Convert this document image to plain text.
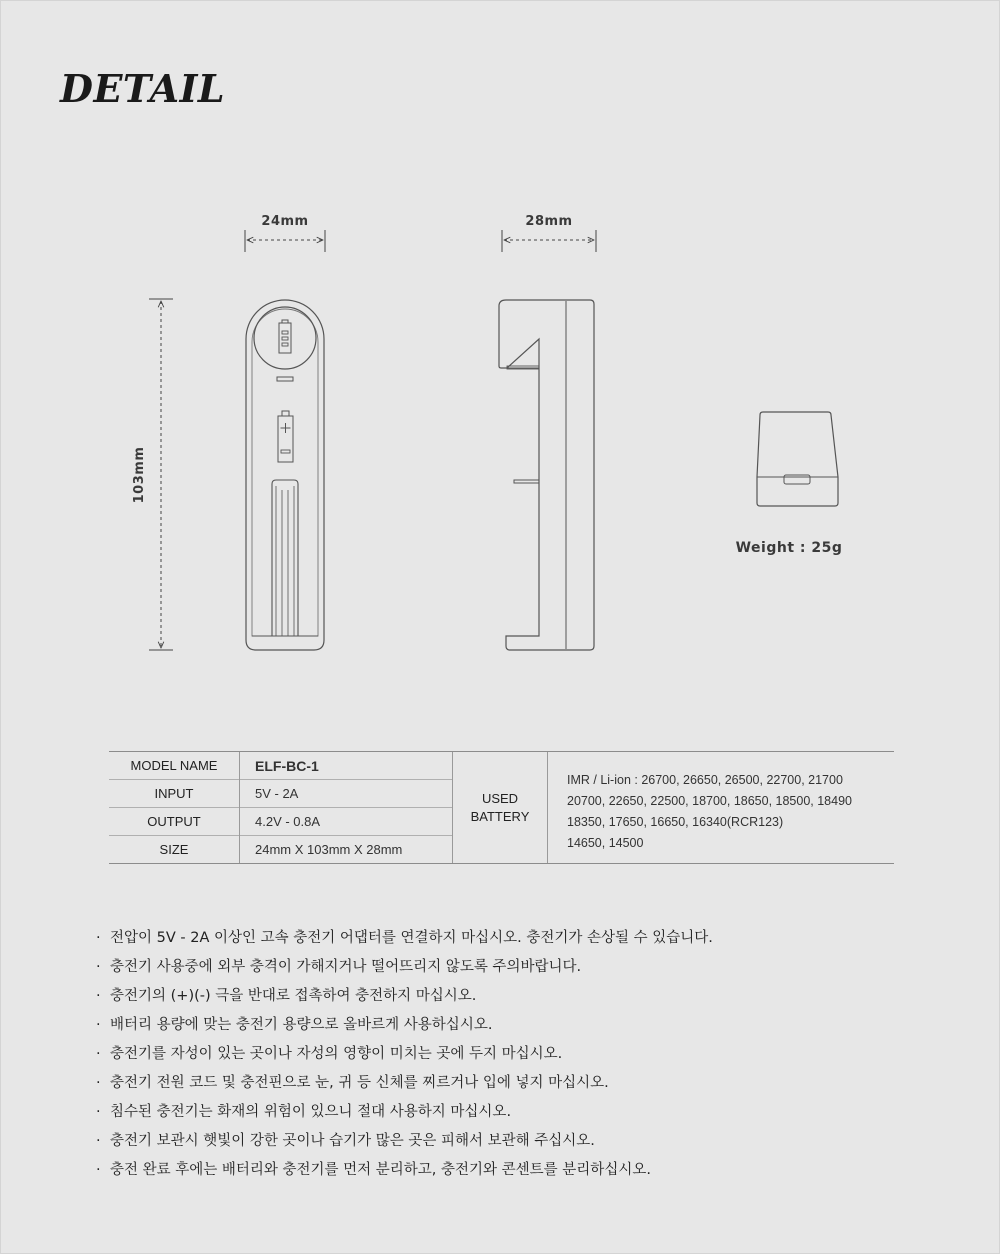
DETAIL
24mm	28mm
103mm
Weight : 25g
MODEL NAME	ELF-BC-1
INPUT	5V - 2A
OUTPUT	4.2V - 0.8A
SIZE	24mm X 103mm X 28mm
USED
BATTERY
IMR / Li-ion : 26700, 26650, 26500, 22700, 21700
20700, 22650, 22500, 18700, 18650, 18500, 18490
18350, 17650, 16650, 16340(RCR123)
14650, 14500
· 전압이 5V - 2A 이상인 고속 충전기 어댑터를 연결하지 마십시오. 충전기가 손상될 수 있습니다.
· 충전기 사용중에 외부 충격이 가해지거나 떨어뜨리지 않도록 주의바랍니다.
· 충전기의 (+)(-) 극을 반대로 접촉하여 충전하지 마십시오.
· 배터리 용량에 맞는 충전기 용량으로 올바르게 사용하십시오.
· 충전기를 자성이 있는 곳이나 자성의 영향이 미치는 곳에 두지 마십시오.
· 충전기 전원 코드 및 충전핀으로 눈, 귀 등 신체를 찌르거나 입에 넣지 마십시오.
· 침수된 충전기는 화재의 위험이 있으니 절대 사용하지 마십시오.
· 충전기 보관시 햇빛이 강한 곳이나 습기가 많은 곳은 피해서 보관해 주십시오.
· 충전 완료 후에는 배터리와 충전기를 먼저 분리하고, 충전기와 콘센트를 분리하십시오.
